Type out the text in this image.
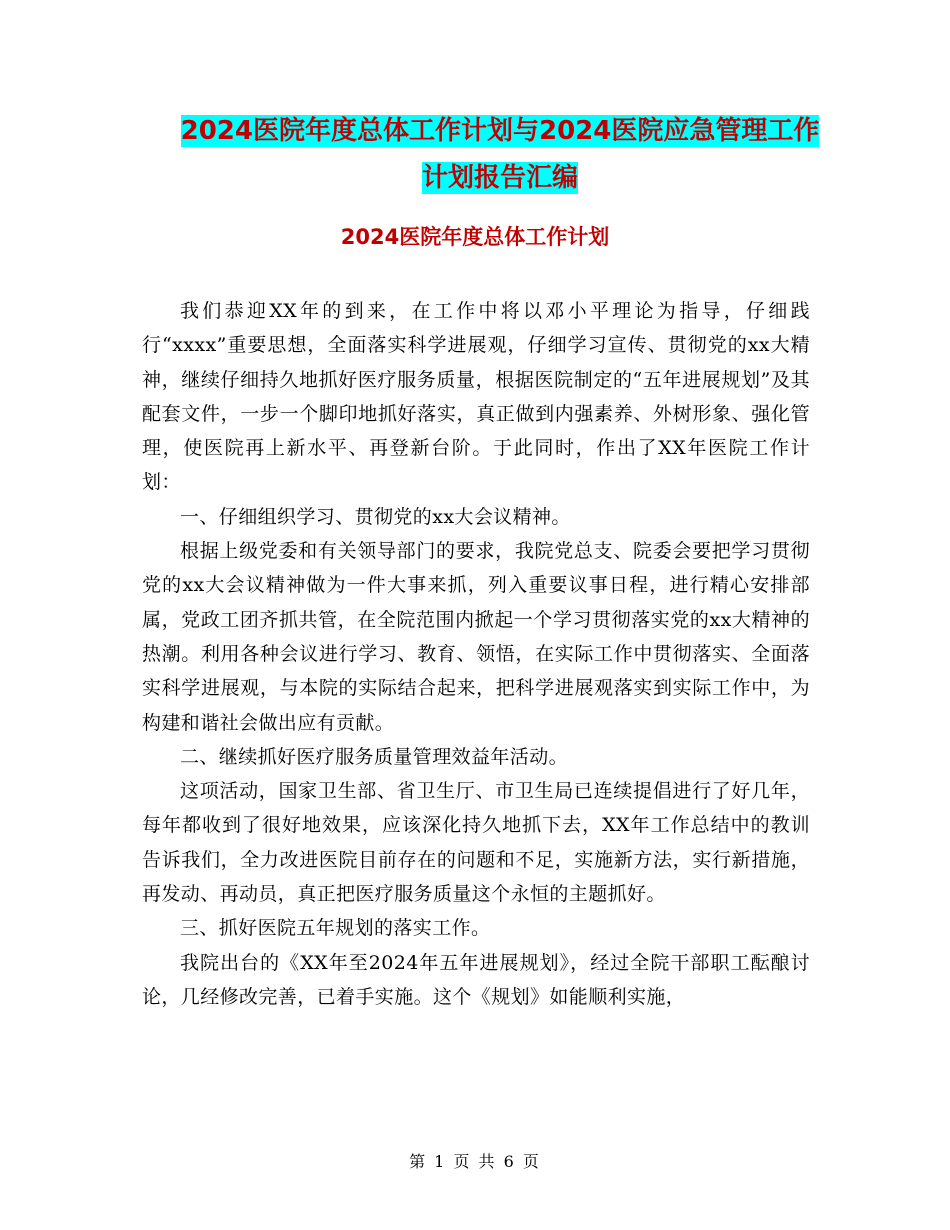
2024医院年度总体工作计划与2024医院应急管理工作
计划报告汇编
2024医院年度总体工作计划

我们恭迎XX年的到来，在工作中将以邓小平理论为指导，仔细践行“xxxx”重要思想，全面落实科学进展观，仔细学习宣传、贯彻党的xx大精神，继续仔细持久地抓好医疗服务质量，根据医院制定的“五年进展规划”及其配套文件，一步一个脚印地抓好落实，真正做到内强素养、外树形象、强化管理，使医院再上新水平、再登新台阶。于此同时，作出了XX年医院工作计划：

一、仔细组织学习、贯彻党的xx大会议精神。

根据上级党委和有关领导部门的要求，我院党总支、院委会要把学习贯彻党的xx大会议精神做为一件大事来抓，列入重要议事日程，进行精心安排部属，党政工团齐抓共管，在全院范围内掀起一个学习贯彻落实党的xx大精神的热潮。利用各种会议进行学习、教育、领悟，在实际工作中贯彻落实、全面落实科学进展观，与本院的实际结合起来，把科学进展观落实到实际工作中，为构建和谐社会做出应有贡献。

二、继续抓好医疗服务质量管理效益年活动。

这项活动，国家卫生部、省卫生厅、市卫生局已连续提倡进行了好几年，每年都收到了很好地效果，应该深化持久地抓下去，XX年工作总结中的教训告诉我们，全力改进医院目前存在的问题和不足，实施新方法，实行新措施，再发动、再动员，真正把医疗服务质量这个永恒的主题抓好。

三、抓好医院五年规划的落实工作。

我院出台的《XX年至2024年五年进展规划》，经过全院干部职工酝酿讨论，几经修改完善，已着手实施。这个《规划》如能顺利实施，

第 1 页 共 6 页
